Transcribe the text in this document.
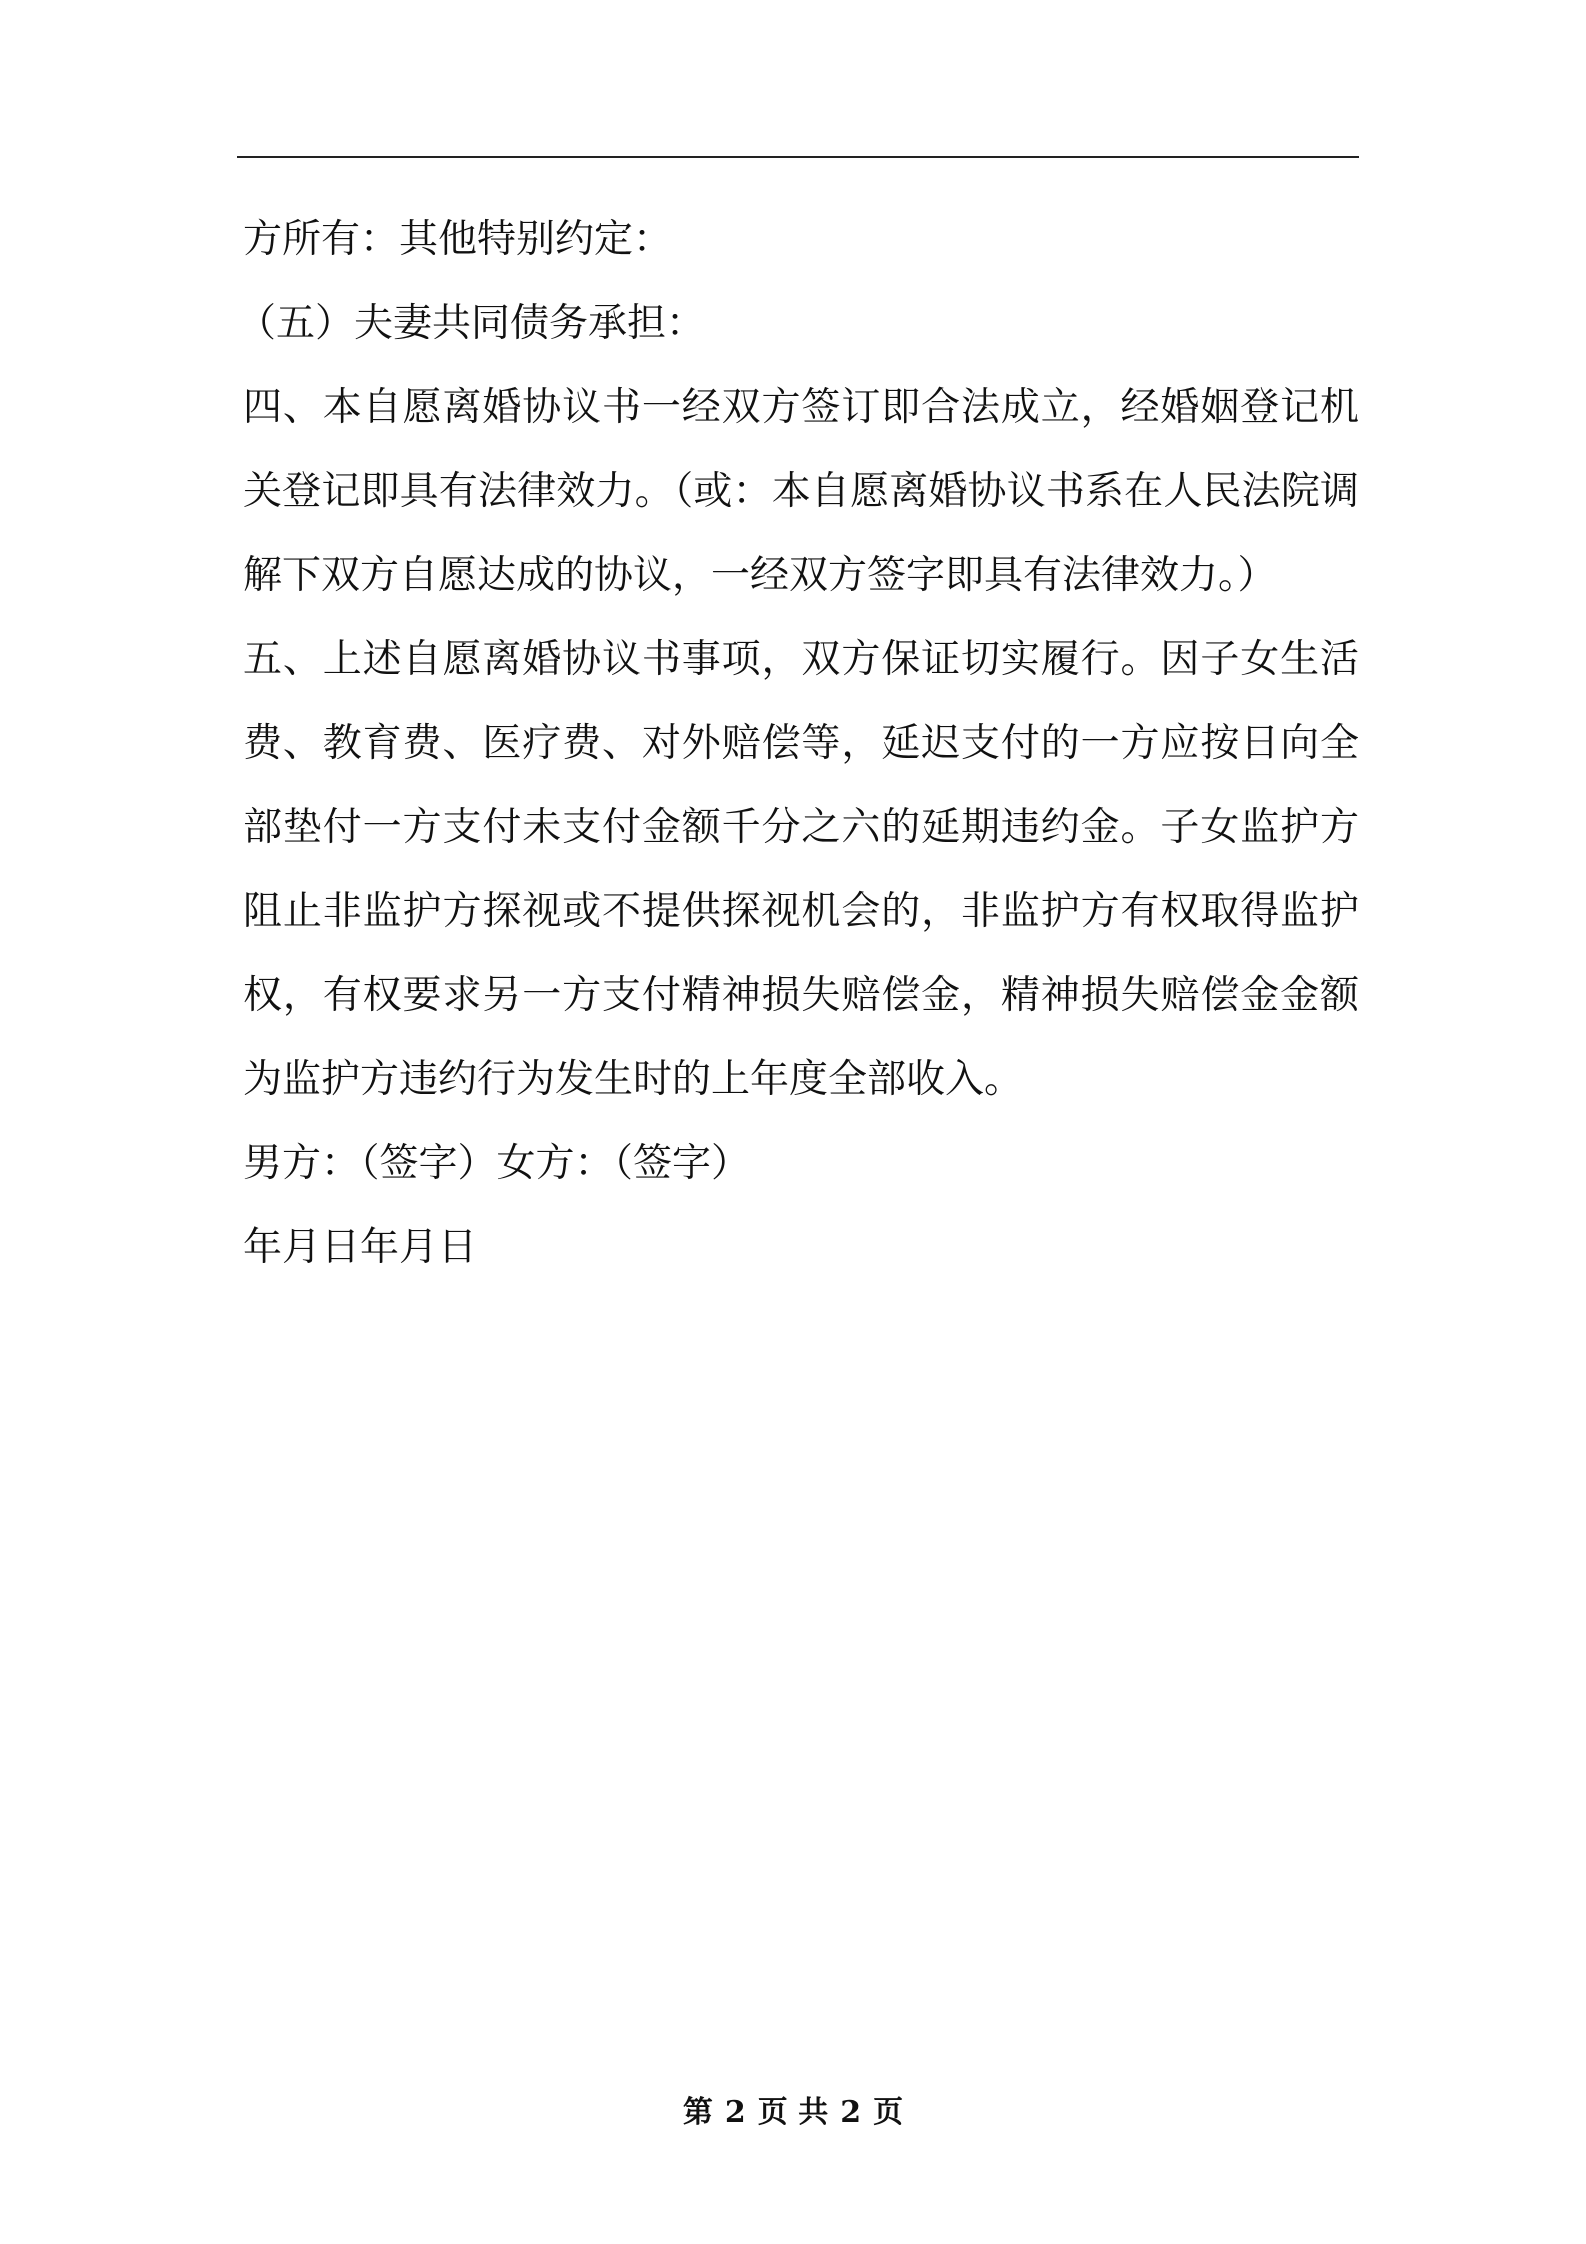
方所有：其他特别约定：

（五）夫妻共同债务承担：

四、本自愿离婚协议书一经双方签订即合法成立，经婚姻登记机关登记即具有法律效力。（或：本自愿离婚协议书系在人民法院调解下双方自愿达成的协议，一经双方签字即具有法律效力。）

五、上述自愿离婚协议书事项，双方保证切实履行。因子女生活费、教育费、医疗费、对外赔偿等，延迟支付的一方应按日向全部垫付一方支付未支付金额千分之六的延期违约金。子女监护方阻止非监护方探视或不提供探视机会的，非监护方有权取得监护权，有权要求另一方支付精神损失赔偿金，精神损失赔偿金金额为监护方违约行为发生时的上年度全部收入。

男方：（签字）女方：（签字）

年月日年月日

第 2 页 共 2 页
